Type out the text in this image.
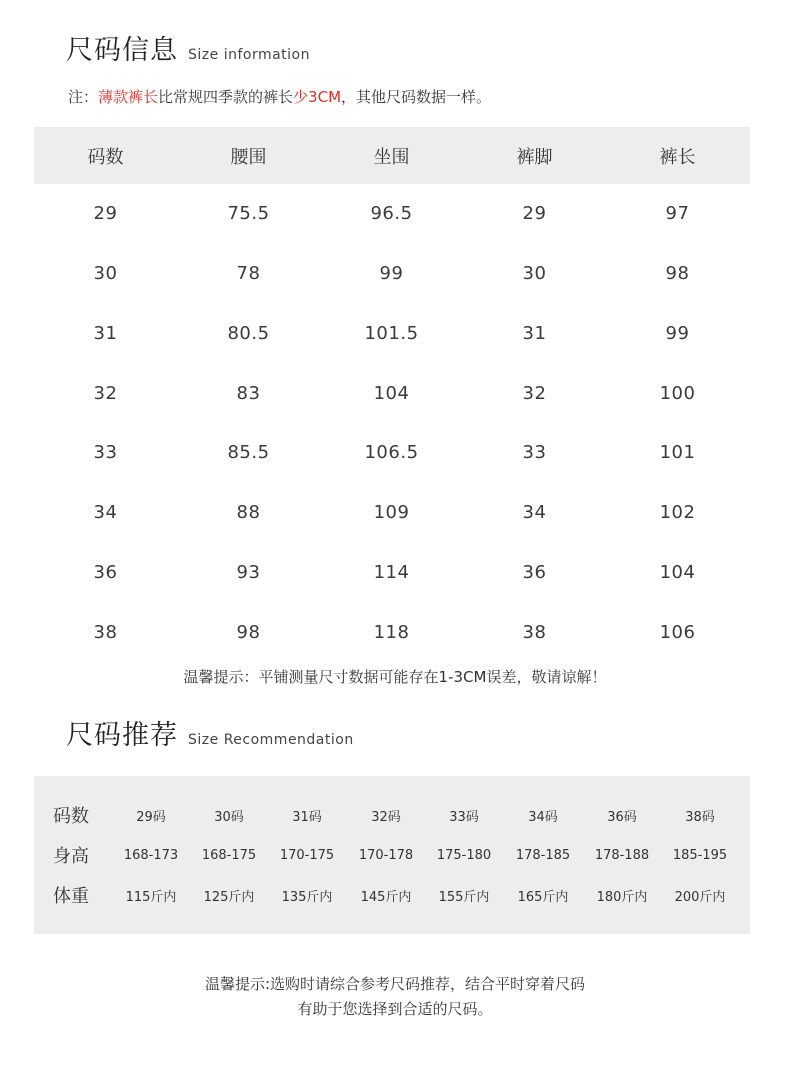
尺码信息 Size information
注：薄款裤长比常规四季款的裤长少3CM，其他尺码数据一样。
码数	腰围	坐围	裤脚	裤长
29	75.5	96.5	29	97
30	78	99	30	98
31	80.5	101.5	31	99
32	83	104	32	100
33	85.5	106.5	33	101
34	88	109	34	102
36	93	114	36	104
38	98	118	38	106
温馨提示：平铺测量尺寸数据可能存在1-3CM误差，敬请谅解！
尺码推荐 Size Recommendation
码数	29码	30码	31码	32码	33码	34码	36码	38码
身高	168-173	168-175	170-175	170-178	175-180	178-185	178-188	185-195
体重	115斤内	125斤内	135斤内	145斤内	155斤内	165斤内	180斤内	200斤内
温馨提示:选购时请综合参考尺码推荐，结合平时穿着尺码
有助于您选择到合适的尺码。
